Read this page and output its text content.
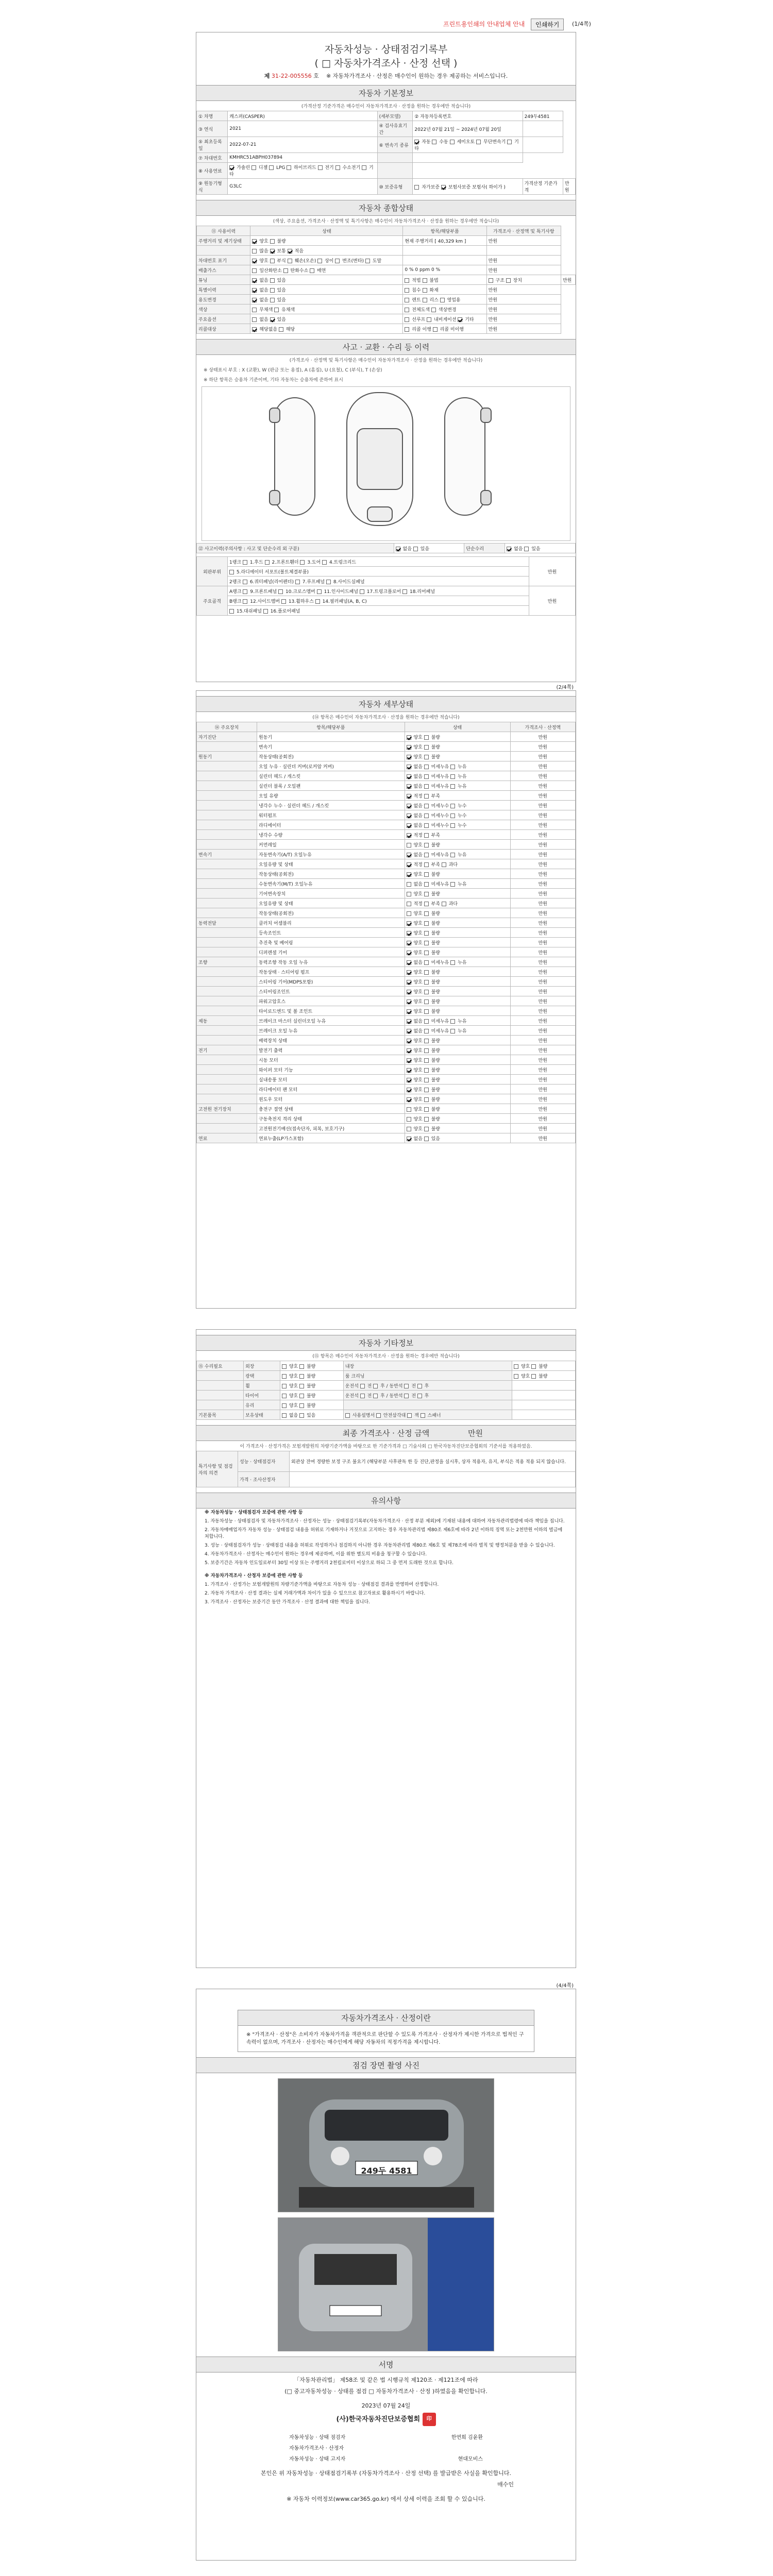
프린트용인쇄의 안내업체 안내	인쇄하기	(1/4쪽)
자동차성능 · 상태점검기록부
( □ 자동차가격조사 · 산정 선택 )
제 31-22-005556 호 ※ 자동차가격조사 · 산정은 매수인이 원하는 경우 제공하는 서비스입니다.
자동차 기본정보
(가격산정 기준가격은 매수인이 자동차가격조사 · 산정을 원하는 경우에만 적습니다)
① 차명	캐스퍼(CASPER)	(세부모델)	② 자동차등록번호	249두4581	
③ 연식	2021	④ 검사유효기간	2022년 07월 21일 ~ 2024년 07월 20일		
⑤ 최초등록일	2022-07-21	⑥ 변속기 종류	자동  수동  세미오토  무단변속기  기타		
⑦ 차대번호	KMHRC51ABPH037894				
⑧ 사용연료	가솔린  디젤  LPG  하이브리드  전기  수소전기  기타				
⑨ 원동기형식	G3LC	⑩ 보증유형	자가보증  보험사보증 보험사( 하이가 )	가격산정 기준가격	만원
자동차 종합상태
(색상, 주요옵션, 가격조사 · 산정액 및 특기사항은 매수인이 자동차가격조사 · 산정을 원하는 경우에만 적습니다)
⑪ 사용이력	상태	항목/해당부품	가격조사 · 산정액 및 특기사항	
주행거리 및 계기상태	양호  불량	현재 주행거리 [ 40,329 km ]	만원	
	많음  보통  적음			
차대번호 표기	양호  부식  훼손(오손)  상이  변조(변타)  도말		만원	
배출가스	일산화탄소  탄화수소  매연	0 % 0 ppm 0 %	만원	
튜닝	없음  있음	적법  불법	구조  장치	만원
특별이력	없음  있음	침수  화재	만원	
용도변경	없음  있음	렌트  리스  영업용	만원	
색상	무채색  유채색	전체도색  색상변경	만원	
주요옵션	없음  있음	선루프  내비게이션  기타	만원	
리콜대상	해당없음  해당	리콜 이행  리콜 미이행	만원	
사고 · 교환 · 수리 등 이력
(가격조사 · 산정액 및 특기사항은 매수인이 자동차가격조사 · 산정을 원하는 경우에만 적습니다)
※ 상태표시 부호 : X (교환), W (판금 또는 용접), A (흠집), U (요철), C (부식), T (손상)
※ 하단 항목은 승용차 기준이며, 기타 자동차는 승용차에 준하여 표시
⑫ 사고이력(주의사항 : 사고 및 단순수리 외 구분)	없음  있음	단순수리	없음  있음
외판부위	1랭크  1.후드  2.프론트휀더  3.도어  4.트렁크리드	만원
	5.라디에이터 서포트(볼트체결부품)	
	2랭크  6.쿼터패널(리어펜더)  7.루프패널  8.사이드실패널	
주요골격	A랭크  9.프론트패널  10.크로스멤버  11.인사이드패널  17.트렁크플로어  18.리어패널	만원
	B랭크  12.사이드멤버  13.휠하우스  14.필러패널(A, B, C)	
	15.대쉬패널  16.플로어패널	
(2/4쪽)
자동차 세부상태
(⑭ 항목은 매수인이 자동차가격조사 · 산정을 원하는 경우에만 적습니다)
⑭ 주요장치	항목/해당부품	상태	가격조사 · 산정액
자기진단	원동기	양호  불량	만원
	변속기	양호  불량	만원
원동기	작동상태(공회전)	양호  불량	만원
	오일 누유 · 실린더 커버(로커암 커버)	없음  미세누유  누유	만원
	실린더 헤드 / 개스킷	없음  미세누유  누유	만원
	실린더 블록 / 오일팬	없음  미세누유  누유	만원
	오일 유량	적정  부족	만원
	냉각수 누수 · 실린더 헤드 / 개스킷	없음  미세누수  누수	만원
	워터펌프	없음  미세누수  누수	만원
	라디에이터	없음  미세누수  누수	만원
	냉각수 수량	적정  부족	만원
	커먼레일	양호  불량	만원
변속기	자동변속기(A/T) 오일누유	없음  미세누유  누유	만원
	오일유량 및 상태	적정  부족  과다	만원
	작동상태(공회전)	양호  불량	만원
	수동변속기(M/T) 오일누유	없음  미세누유  누유	만원
	기어변속장치	양호  불량	만원
	오일유량 및 상태	적정  부족  과다	만원
	작동상태(공회전)	양호  불량	만원
동력전달	클러치 어셈블리	양호  불량	만원
	등속조인트	양호  불량	만원
	추진축 및 베어링	양호  불량	만원
	디퍼렌셜 기어	양호  불량	만원
조향	동력조향 작동 오일 누유	없음  미세누유  누유	만원
	작동상태 · 스티어링 펌프	양호  불량	만원
	스티어링 기어(MDPS포함)	양호  불량	만원
	스티어링조인트	양호  불량	만원
	파워고압호스	양호  불량	만원
	타이로드엔드 및 볼 조인트	양호  불량	만원
제동	브레이크 마스터 실린더오일 누유	없음  미세누유  누유	만원
	브레이크 오일 누유	없음  미세누유  누유	만원
	배력장치 상태	양호  불량	만원
전기	발전기 출력	양호  불량	만원
	시동 모터	양호  불량	만원
	와이퍼 모터 기능	양호  불량	만원
	실내송풍 모터	양호  불량	만원
	라디에이터 팬 모터	양호  불량	만원
	윈도우 모터	양호  불량	만원
고전원 전기장치	충전구 절연 상태	양호  불량	만원
	구동축전지 격리 상태	양호  불량	만원
	고전원전기배선(접속단자, 피복, 보호기구)	양호  불량	만원
연료	연료누출(LP가스포함)	없음  있음	만원
자동차 기타정보
(⑮ 항목은 매수인이 자동차가격조사 · 산정을 원하는 경우에만 적습니다)
⑮ 수리필요	외장	양호  불량	내장	양호  불량
	광택	양호  불량	룸 크리닝	양호  불량
	휠	양호  불량	운전석  전  후 / 동반석  전  후	
	타이어	양호  불량	운전석  전  후 / 동반석  전  후	
	유리	양호  불량		
기본품목	보유상태	없음  있음	사용설명서  안전삼각대  잭  스패너	
최종 가격조사 · 산정 금액	만원
이 가격조사 · 산정가격은 보험개발원의 차량기준가액을 바탕으로 한 기준가격과 □ 기술사회 □ 한국자동차진단보증협회의 기준서를 적용하였음.
특기사항 및 점검자의 의견	성능 · 상태점검자	외관상 잔여 경량한 보정 구조 불요기 (해당부분 사후판독 한 등 진단,판정을 실시후, 상자 적용자, 유지, 부식은 적용 적용 되지 않습니다.
	가격 · 조사산정자	
유의사항
※ 자동차성능 · 상태점검자 보증에 관한 사항 등
1. 자동차성능 · 상태점검자 및 자동차가격조사 · 산정자는 성능 · 상태점검기록부(자동차가격조사 · 산정 부분 제외)에 기재된 내용에 대하여 자동차관리법령에 따라 책임을 집니다.
2. 자동차매매업자가 자동차 성능 · 상태점검 내용을 허위로 기재하거나 거짓으로 고지하는 경우 자동차관리법 제80조 제6호에 따라 2년 이하의 징역 또는 2천만원 이하의 벌금에 처합니다.
3. 성능 · 상태점검자가 성능 · 상태점검 내용을 허위로 작성하거나 점검하지 아니한 경우 자동차관리법 제80조 제6호 및 제78조에 따라 벌칙 및 행정처분을 받을 수 있습니다.
4. 자동차가격조사 · 산정자는 매수인이 원하는 경우에 제공하며, 이를 위한 별도의 비용을 청구할 수 있습니다.
5. 보증기간은 자동차 인도일로부터 30일 이상 또는 주행거리 2천킬로미터 이상으로 하되 그 중 먼저 도래한 것으로 합니다.
※ 자동차가격조사 · 산정자 보증에 관한 사항 등
1. 가격조사 · 산정가는 보험개발원의 차량기준가액을 바탕으로 자동차 성능 · 상태점검 결과를 반영하여 산정합니다.
2. 자동차 가격조사 · 산정 결과는 실제 거래가액과 차이가 있을 수 있으므로 참고자료로 활용하시기 바랍니다.
3. 가격조사 · 산정자는 보증기간 동안 가격조사 · 산정 결과에 대한 책임을 집니다.
(4/4쪽)
자동차가격조사 · 산정이란
※ "가격조사 · 산정"은 소비자가 자동차가격을 객관적으로 판단할 수 있도록 가격조사 · 산정자가 제시한 가격으로 법적인 구속력이 없으며, 가격조사 · 산정자는 매수인에게 해당 자동차의 적정가격을 제시합니다.
점검 장면 촬영 사진
249두 4581
서명
「자동차관리법」 제58조 및 같은 법 시행규칙 제120조 · 제121조에 따라
(□ 중고자동차성능 · 상태를 점검 □ 자동차가격조사 · 산정 )하였음을 확인합니다.
2023년 07월 24일
(사)한국자동차진단보증협회 印
자동차성능 · 상태 점검자	한연희 김윤환
자동차가격조사 · 산정자
자동차성능 · 상태 고지자	현대모비스
본인은 위 자동차성능 · 상태점검기록부 (자동차가격조사 · 산정 선택) 를 발급받은 사실을 확인합니다.
매수인
※ 자동차 이력정보(www.car365.go.kr) 에서 상세 이력을 조회 할 수 있습니다.
